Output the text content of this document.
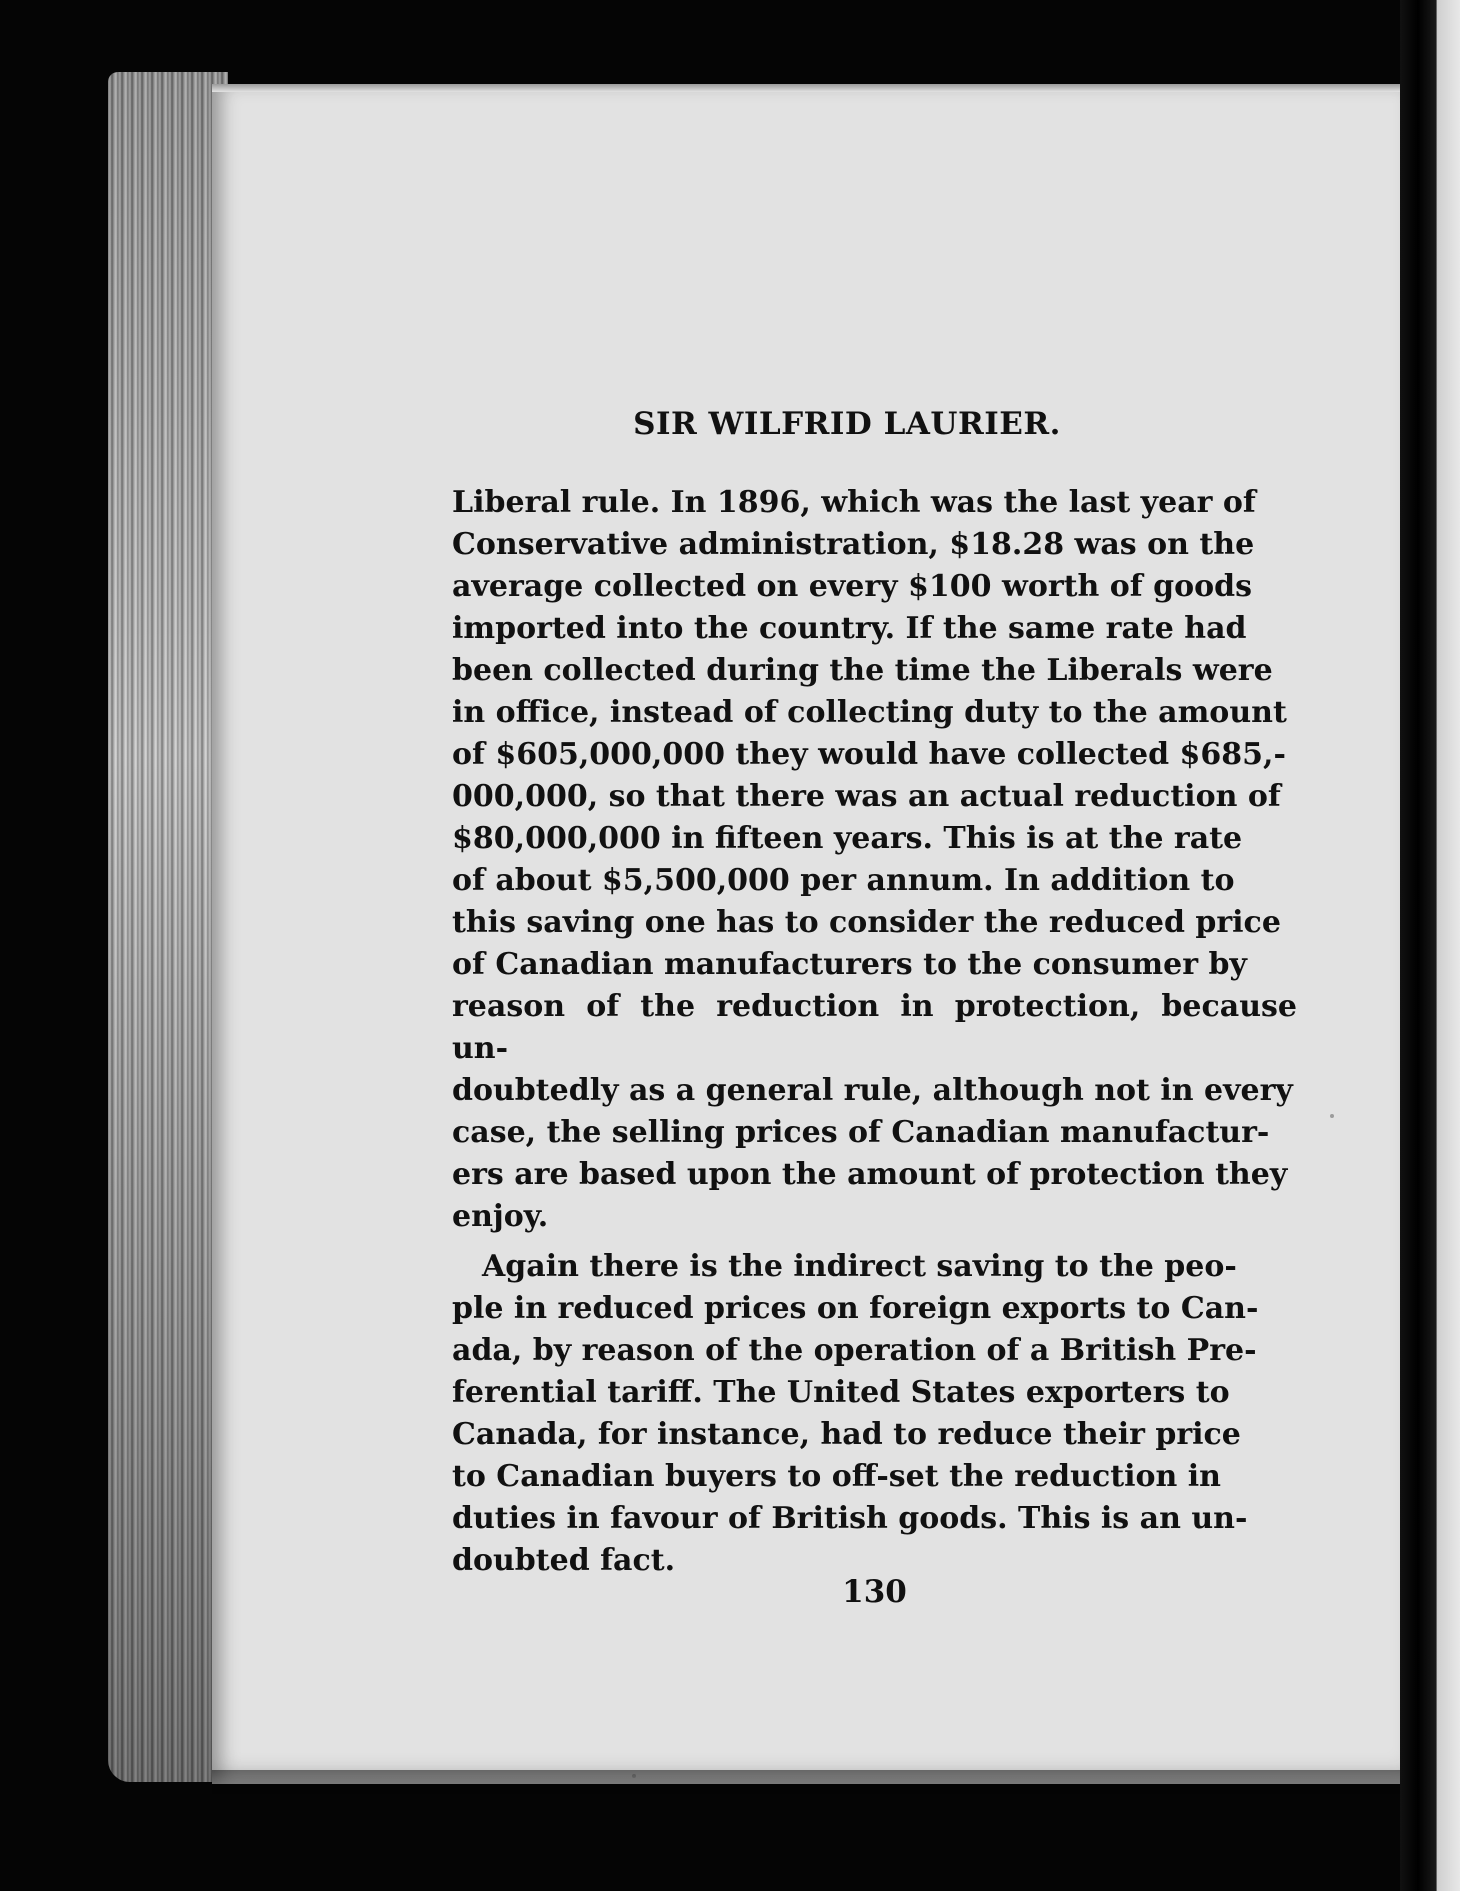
SIR WILFRID LAURIER.

Liberal rule. In 1896, which was the last year of
Conservative administration, $18.28 was on the
average collected on every $100 worth of goods
imported into the country. If the same rate had
been collected during the time the Liberals were
in office, instead of collecting duty to the amount
of $605,000,000 they would have collected $685,-
000,000, so that there was an actual reduction of
$80,000,000 in fifteen years. This is at the rate
of about $5,500,000 per annum. In addition to
this saving one has to consider the reduced price
of Canadian manufacturers to the consumer by
reason of the reduction in protection, because un-
doubtedly as a general rule, although not in every
case, the selling prices of Canadian manufactur-
ers are based upon the amount of protection they
enjoy.

Again there is the indirect saving to the peo-
ple in reduced prices on foreign exports to Can-
ada, by reason of the operation of a British Pre-
ferential tariff. The United States exporters to
Canada, for instance, had to reduce their price
to Canadian buyers to off-set the reduction in
duties in favour of British goods. This is an un-
doubted fact.

130
